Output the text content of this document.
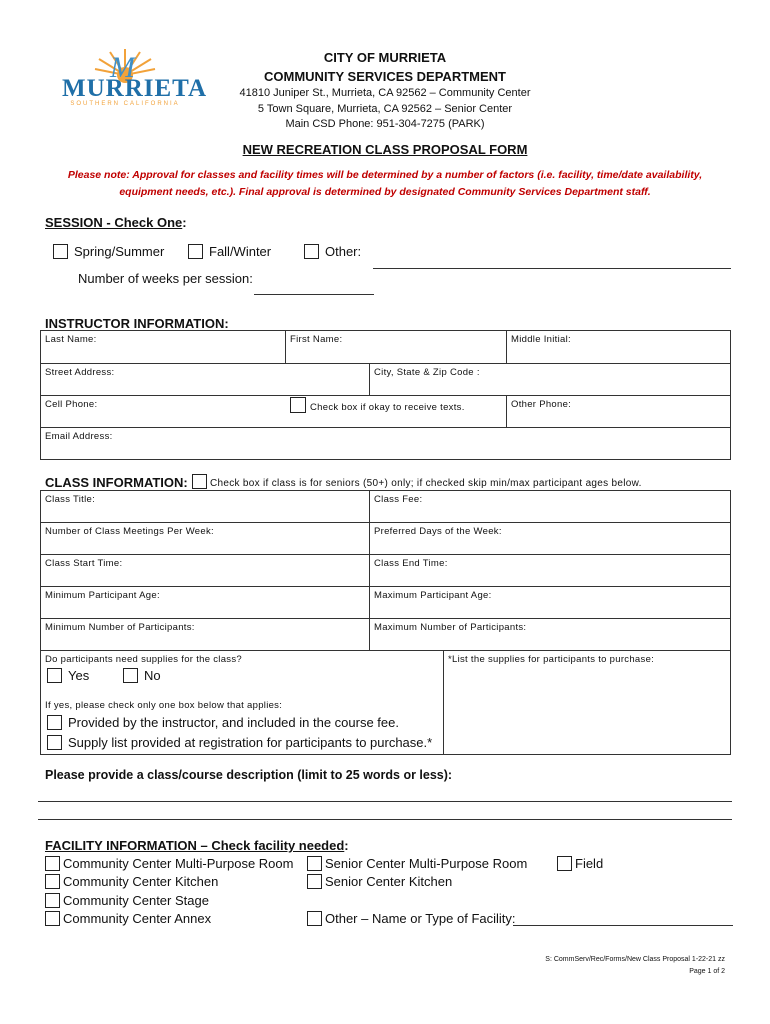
M
MURRIETA
SOUTHERN CALIFORNIA
CITY OF MURRIETA
COMMUNITY SERVICES DEPARTMENT
41810 Juniper St., Murrieta, CA 92562 – Community Center
5 Town Square, Murrieta, CA 92562 – Senior Center
Main CSD Phone: 951-304-7275 (PARK)
NEW RECREATION CLASS PROPOSAL FORM
Please note: Approval for classes and facility times will be determined by a number of factors (i.e. facility, time/date availability,
equipment needs, etc.). Final approval is determined by designated Community Services Department staff.
SESSION - Check One:
Spring/Summer	Fall/Winter	Other:
Number of weeks per session:
INSTRUCTOR INFORMATION:
Last Name:	First Name:	Middle Initial:
Street Address:	City, State & Zip Code :
Cell Phone:	Check box if okay to receive texts.	Other Phone:
Email Address:
CLASS INFORMATION: Check box if class is for seniors (50+) only; if checked skip min/max participant ages below.
Class Title:	Class Fee:
Number of Class Meetings Per Week:	Preferred Days of the Week:
Class Start Time:	Class End Time:
Minimum Participant Age:	Maximum Participant Age:
Minimum Number of Participants:	Maximum Number of Participants:
Do participants need supplies for the class?	*List the supplies for participants to purchase:
Yes	No
If yes, please check only one box below that applies:
Provided by the instructor, and included in the course fee.
Supply list provided at registration for participants to purchase.*
Please provide a class/course description (limit to 25 words or less):
FACILITY INFORMATION – Check facility needed:
Community Center Multi-Purpose Room
Community Center Kitchen
Community Center Stage
Community Center Annex
Senior Center Multi-Purpose Room
Senior Center Kitchen
Other – Name or Type of Facility:
Field
S: CommServ/Rec/Forms/New Class Proposal 1-22-21 zz
Page 1 of 2
